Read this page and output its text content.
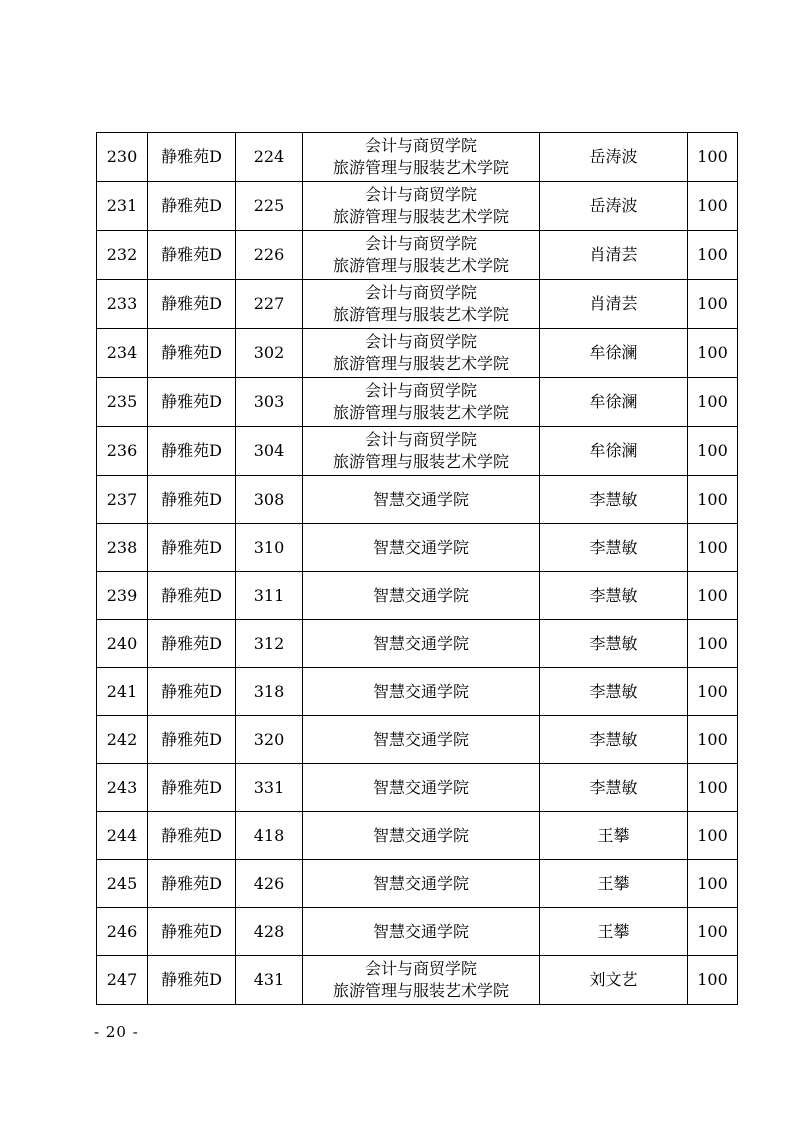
230	静雅苑D	224	会计与商贸学院
旅游管理与服装艺术学院	岳涛波	100
231	静雅苑D	225	会计与商贸学院
旅游管理与服装艺术学院	岳涛波	100
232	静雅苑D	226	会计与商贸学院
旅游管理与服装艺术学院	肖清芸	100
233	静雅苑D	227	会计与商贸学院
旅游管理与服装艺术学院	肖清芸	100
234	静雅苑D	302	会计与商贸学院
旅游管理与服装艺术学院	牟徐澜	100
235	静雅苑D	303	会计与商贸学院
旅游管理与服装艺术学院	牟徐澜	100
236	静雅苑D	304	会计与商贸学院
旅游管理与服装艺术学院	牟徐澜	100
237	静雅苑D	308	智慧交通学院	李慧敏	100
238	静雅苑D	310	智慧交通学院	李慧敏	100
239	静雅苑D	311	智慧交通学院	李慧敏	100
240	静雅苑D	312	智慧交通学院	李慧敏	100
241	静雅苑D	318	智慧交通学院	李慧敏	100
242	静雅苑D	320	智慧交通学院	李慧敏	100
243	静雅苑D	331	智慧交通学院	李慧敏	100
244	静雅苑D	418	智慧交通学院	王攀	100
245	静雅苑D	426	智慧交通学院	王攀	100
246	静雅苑D	428	智慧交通学院	王攀	100
247	静雅苑D	431	会计与商贸学院
旅游管理与服装艺术学院	刘文艺	100
- 20 -
